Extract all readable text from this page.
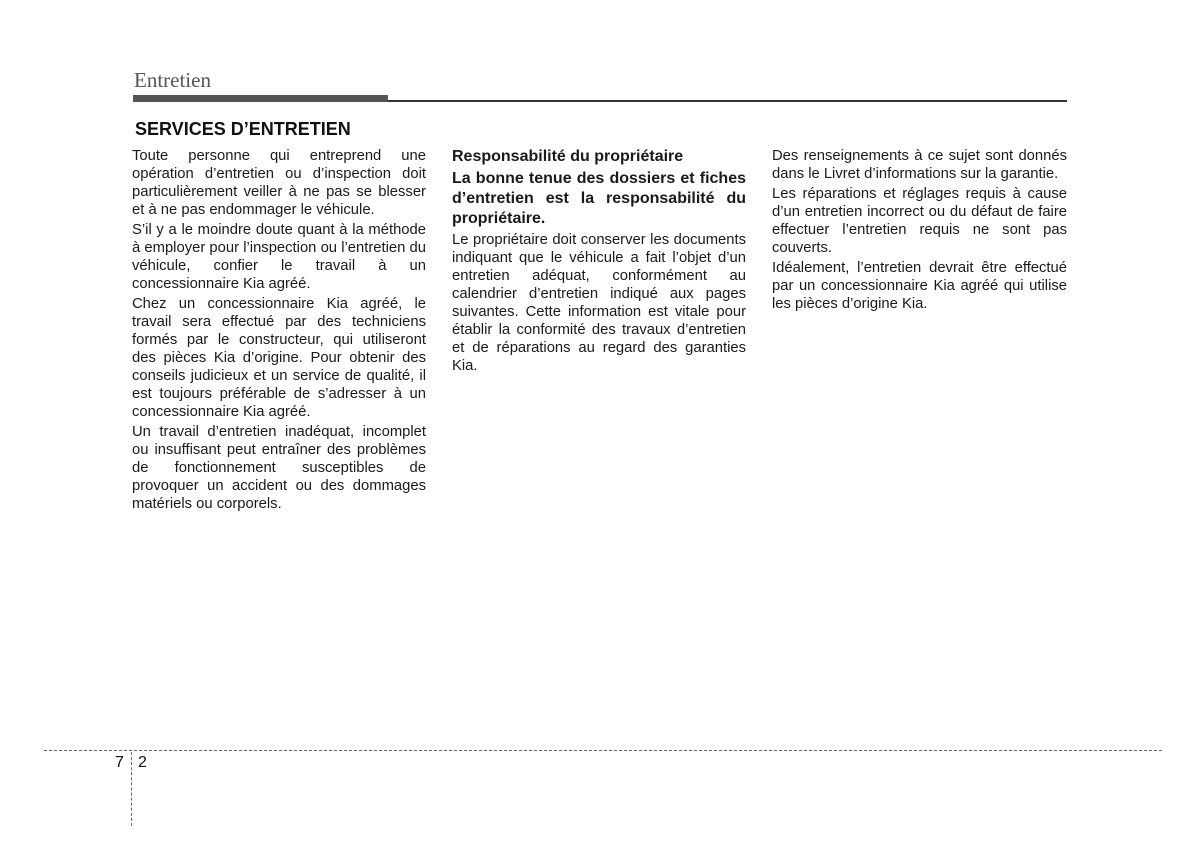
Entretien
SERVICES D’ENTRETIEN

Toute personne qui entreprend une opération d’entretien ou d’inspection doit particulièrement veiller à ne pas se blesser et à ne pas endommager le véhicule.

S’il y a le moindre doute quant à la méthode à employer pour l’inspection ou l’entretien du véhicule, confier le travail à un concessionnaire Kia agréé.

Chez un concessionnaire Kia agréé, le travail sera effectué par des techniciens formés par le constructeur, qui utiliseront des pièces Kia d’origine. Pour obtenir des conseils judicieux et un service de qualité, il est toujours préférable de s’adresser à un concessionnaire Kia agréé.

Un travail d’entretien inadéquat, incomplet ou insuffisant peut entraîner des problèmes de fonctionnement susceptibles de provoquer un accident ou des dommages matériels ou corporels.

Responsabilité du propriétaire

La bonne tenue des dossiers et fiches d’entretien est la responsabilité du propriétaire.

Le propriétaire doit conserver les documents indiquant que le véhicule a fait l’objet d’un entretien adéquat, conformément au calendrier d’entretien indiqué aux pages suivantes. Cette information est vitale pour établir la conformité des travaux d’entretien et de réparations au regard des garanties Kia.

Des renseignements à ce sujet sont donnés dans le Livret d’informations sur la garantie.

Les réparations et réglages requis à cause d’un entretien incorrect ou du défaut de faire effectuer l’entretien requis ne sont pas couverts.

Idéalement, l’entretien devrait être effectué par un concessionnaire Kia agréé qui utilise les pièces d’origine Kia.

7 2
